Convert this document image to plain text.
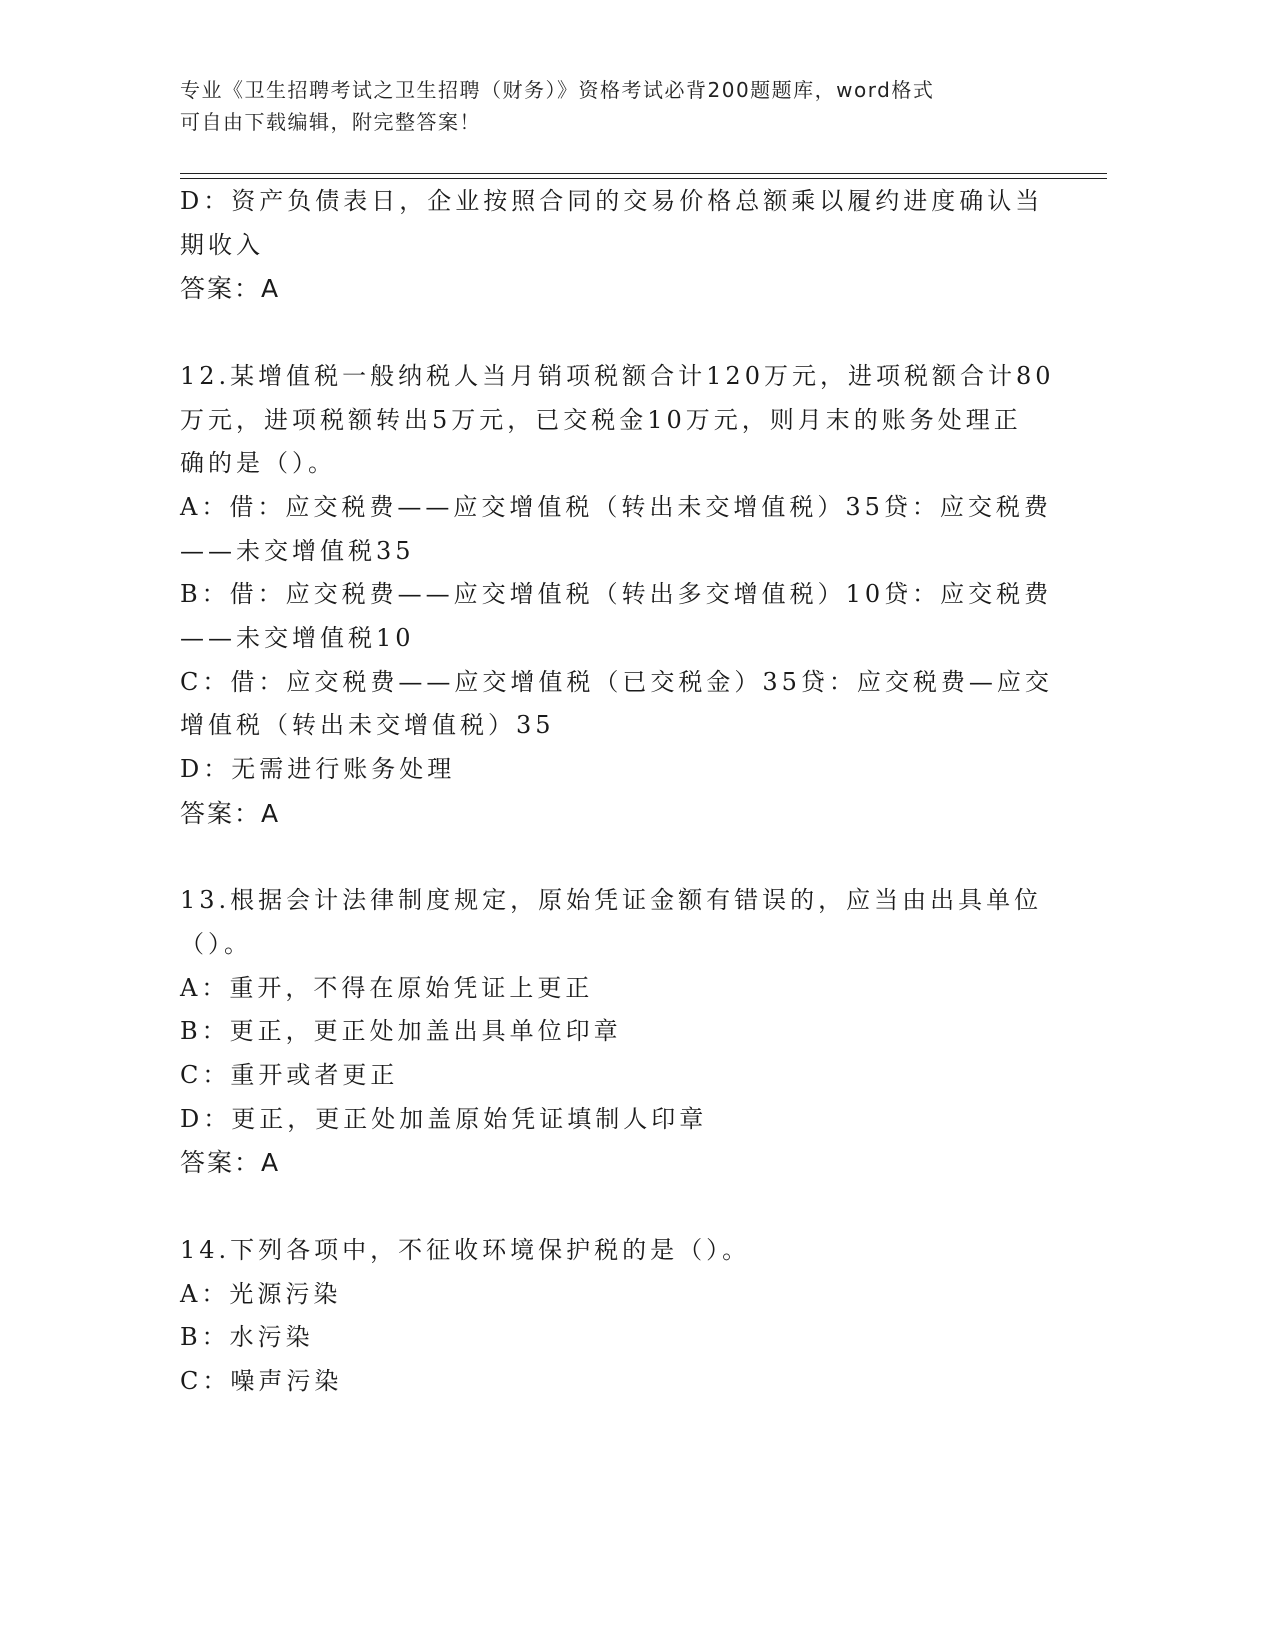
专业《卫生招聘考试之卫生招聘（财务）》资格考试必背200题题库，word格式
可自由下载编辑，附完整答案！
D：资产负债表日，企业按照合同的交易价格总额乘以履约进度确认当
期收入
答案：A
12.某增值税一般纳税人当月销项税额合计120万元，进项税额合计80
万元，进项税额转出5万元，已交税金10万元，则月末的账务处理正
确的是（）。
A：借：应交税费——应交增值税（转出未交增值税）35贷：应交税费
——未交增值税35
B：借：应交税费——应交增值税（转出多交增值税）10贷：应交税费
——未交增值税10
C：借：应交税费——应交增值税（已交税金）35贷：应交税费—应交
增值税（转出未交增值税）35
D：无需进行账务处理
答案：A
13.根据会计法律制度规定，原始凭证金额有错误的，应当由出具单位
（）。
A：重开，不得在原始凭证上更正
B：更正，更正处加盖出具单位印章
C：重开或者更正
D：更正，更正处加盖原始凭证填制人印章
答案：A
14.下列各项中，不征收环境保护税的是（）。
A：光源污染
B：水污染
C：噪声污染
